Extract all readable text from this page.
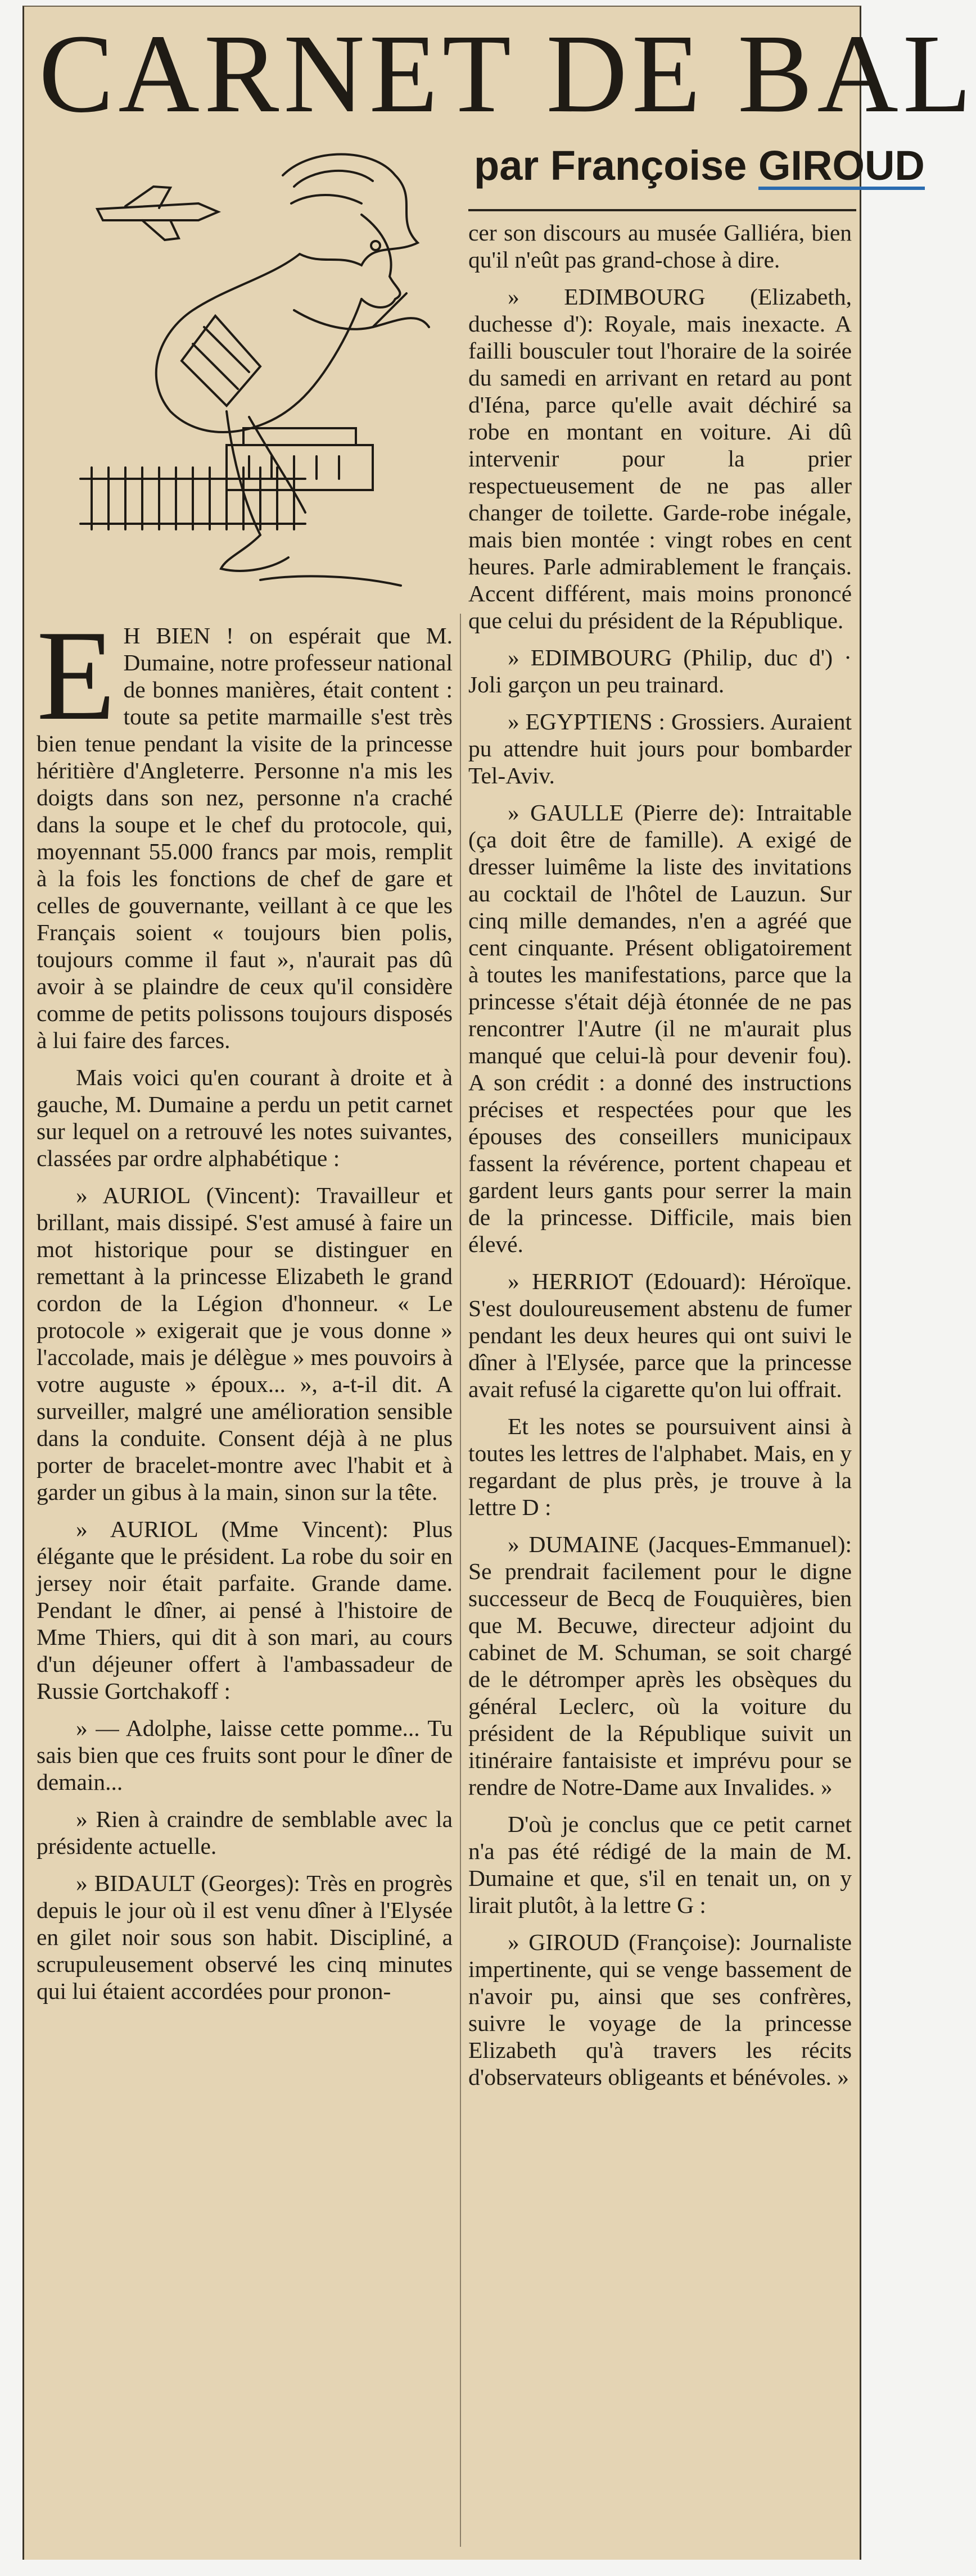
CARNET DE BAL
par Françoise GIROUD

E H BIEN ! on espérait que M. Dumaine, notre professeur national de bonnes manières, était content : toute sa petite marmaille s'est très bien tenue pendant la visite de la princesse héritière d'Angleterre. Personne n'a mis les doigts dans son nez, personne n'a craché dans la soupe et le chef du protocole, qui, moyennant 55.000 francs par mois, remplit à la fois les fonctions de chef de gare et celles de gouvernante, veillant à ce que les Français soient « toujours bien polis, toujours comme il faut », n'aurait pas dû avoir à se plaindre de ceux qu'il considère comme de petits polissons toujours disposés à lui faire des farces.

Mais voici qu'en courant à droite et à gauche, M. Dumaine a perdu un petit carnet sur lequel on a retrouvé les notes suivantes, classées par ordre alphabétique :

» AURIOL (Vincent): Travailleur et brillant, mais dissipé. S'est amusé à faire un mot historique pour se distinguer en remettant à la princesse Elizabeth le grand cordon de la Légion d'honneur. « Le protocole » exigerait que je vous donne » l'accolade, mais je délègue » mes pouvoirs à votre auguste » époux... », a-t-il dit. A surveiller, malgré une amélioration sensible dans la conduite. Consent déjà à ne plus porter de bracelet-montre avec l'habit et à garder un gibus à la main, sinon sur la tête.

» AURIOL (Mme Vincent): Plus élégante que le président. La robe du soir en jersey noir était parfaite. Grande dame. Pendant le dîner, ai pensé à l'histoire de Mme Thiers, qui dit à son mari, au cours d'un déjeuner offert à l'ambassadeur de Russie Gortchakoff :

» — Adolphe, laisse cette pomme... Tu sais bien que ces fruits sont pour le dîner de demain...

» Rien à craindre de semblable avec la présidente actuelle.

» BIDAULT (Georges): Très en progrès depuis le jour où il est venu dîner à l'Elysée en gilet noir sous son habit. Discipliné, a scrupuleusement observé les cinq minutes qui lui étaient accordées pour pronon-

cer son discours au musée Galliéra, bien qu'il n'eût pas grand-chose à dire.

» EDIMBOURG (Elizabeth, duchesse d'): Royale, mais inexacte. A failli bousculer tout l'horaire de la soirée du samedi en arrivant en retard au pont d'Iéna, parce qu'elle avait déchiré sa robe en montant en voiture. Ai dû intervenir pour la prier respectueusement de ne pas aller changer de toilette. Garde-robe inégale, mais bien montée : vingt robes en cent heures. Parle admirablement le français. Accent différent, mais moins prononcé que celui du président de la République.

» EDIMBOURG (Philip, duc d') · Joli garçon un peu trainard.

» EGYPTIENS : Grossiers. Auraient pu attendre huit jours pour bombarder Tel-Aviv.

» GAULLE (Pierre de): Intraitable (ça doit être de famille). A exigé de dresser luimême la liste des invitations au cocktail de l'hôtel de Lauzun. Sur cinq mille demandes, n'en a agréé que cent cinquante. Présent obligatoirement à toutes les manifestations, parce que la princesse s'était déjà étonnée de ne pas rencontrer l'Autre (il ne m'aurait plus manqué que celui-là pour devenir fou). A son crédit : a donné des instructions précises et respectées pour que les épouses des conseillers municipaux fassent la révérence, portent chapeau et gardent leurs gants pour serrer la main de la princesse. Difficile, mais bien élevé.

» HERRIOT (Edouard): Héroïque. S'est douloureusement abstenu de fumer pendant les deux heures qui ont suivi le dîner à l'Elysée, parce que la princesse avait refusé la cigarette qu'on lui offrait.

Et les notes se poursuivent ainsi à toutes les lettres de l'alphabet. Mais, en y regardant de plus près, je trouve à la lettre D :

» DUMAINE (Jacques-Emmanuel): Se prendrait facilement pour le digne successeur de Becq de Fouquières, bien que M. Becuwe, directeur adjoint du cabinet de M. Schuman, se soit chargé de le détromper après les obsèques du général Leclerc, où la voiture du président de la République suivit un itinéraire fantaisiste et imprévu pour se rendre de Notre-Dame aux Invalides. »

D'où je conclus que ce petit carnet n'a pas été rédigé de la main de M. Dumaine et que, s'il en tenait un, on y lirait plutôt, à la lettre G :

» GIROUD (Françoise): Journaliste impertinente, qui se venge bassement de n'avoir pu, ainsi que ses confrères, suivre le voyage de la princesse Elizabeth qu'à travers les récits d'observateurs obligeants et bénévoles. »
